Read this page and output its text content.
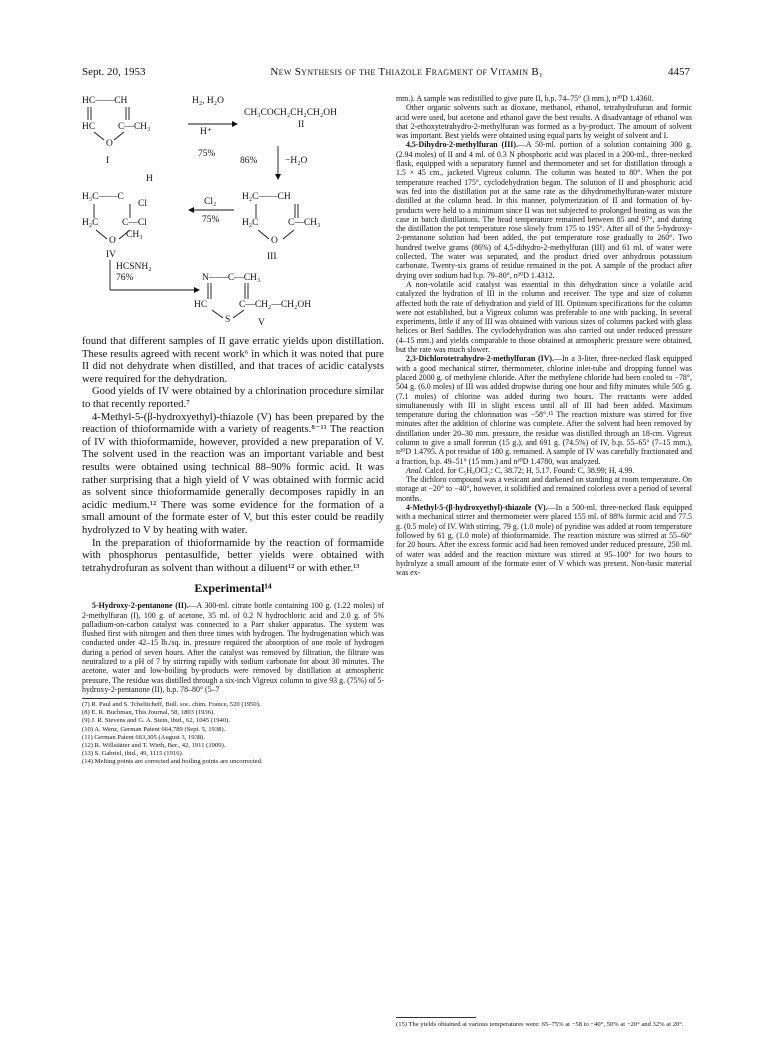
Sept. 20, 1953	New Synthesis of the Thiazole Fragment of Vitamin B₁	4457
HC——CH
HC C—CH₃
O
I
H₂, H₂O
H⁺
75%
CH₃COCH₂CH₂CH₂OH
II
86%	−H₂O
H
H₃C——C
Cl
H₂C C—Cl
O
CH₃
IV
Cl₂
75%
H₂C——CH
H₂C	C—CH₃
O
III
HCSNH₂
76%	N——C—CH₃
HC	C—CH₂—CH₂OH
S	V

found that different samples of II gave erratic yields upon distillation. These results agreed with recent work⁶ in which it was noted that pure II did not dehydrate when distilled, and that traces of acidic catalysts were required for the dehydration.

Good yields of IV were obtained by a chlorination procedure similar to that recently reported.⁷

4-Methyl-5-(β-hydroxyethyl)-thiazole (V) has been prepared by the reaction of thioformamide with a variety of reagents.⁸⁻¹¹ The reaction of IV with thioformamide, however, provided a new preparation of V. The solvent used in the reaction was an important variable and best results were obtained using technical 88–90% formic acid. It was rather surprising that a high yield of V was obtained with formic acid as solvent since thioformamide generally decomposes rapidly in an acidic medium.¹² There was some evidence for the formation of a small amount of the formate ester of V, but this ester could be readily hydrolyzed to V by heating with water.

In the preparation of thioformamide by the reaction of formamide with phosphorus pentasulfide, better yields were obtained with tetrahydrofuran as solvent than without a diluent¹² or with ether.¹³

Experimental¹⁴

5-Hydroxy-2-pentanone (II).—A 300-ml. citrate bottle containing 100 g. (1.22 moles) of 2-methylfuran (I), 100 g. of acetone, 35 ml. of 0.2 N hydrochloric acid and 2.0 g. of 5% palladium-on-carbon catalyst was connected to a Parr shaker apparatus. The system was flushed first with nitrogen and then three times with hydrogen. The hydrogenation which was conducted under 42–15 lb./sq. in. pressure required the absorption of one mole of hydrogen during a period of seven hours. After the catalyst was removed by filtration, the filtrate was neutralized to a pH of 7 by stirring rapidly with sodium carbonate for about 30 minutes. The acetone, water and low-boiling by-products were removed by distillation at atmospheric pressure. The residue was distilled through a six-inch Vigreux column to give 93 g. (75%) of 5-hydroxy-2-pentanone (II), b.p. 78–80° (5–7

(7) R. Paul and S. Tchelitcheff, Bull. soc. chim. France, 520 (1950).

(8) E. R. Buchman, This Journal, 58, 1803 (1936).

(9) J. R. Stevens and G. A. Stein, ibid., 62, 1045 (1940).

(10) A. Wenz, German Patent 664,789 (Sept. 5, 1938).

(11) German Patent 663,305 (August 3, 1938).

(12) R. Willstätter and T. Wirth, Ber., 42, 1911 (1909).

(13) S. Gabriel, ibid., 49, 1115 (1916).

(14) Melting points are corrected and boiling points are uncorrected.

mm.). A sample was redistilled to give pure II, b.p. 74–75° (3 mm.), n²⁰D 1.4360.

Other organic solvents such as dioxane, methanol, ethanol, tetrahydrofuran and formic acid were used, but acetone and ethanol gave the best results. A disadvantage of ethanol was that 2-ethoxytetrahydro-2-methylfuran was formed as a by-product. The amount of solvent was important. Best yields were obtained using equal parts by weight of solvent and I.

4,5-Dihydro-2-methylfuran (III).—A 50-ml. portion of a solution containing 300 g. (2.94 moles) of II and 4 ml. of 0.3 N phosphoric acid was placed in a 200-ml., three-necked flask, equipped with a separatory funnel and thermometer and set for distillation through a 1.5 × 45 cm., jacketed Vigreux column. The column was heated to 80°. When the pot temperature reached 175°, cyclodehydration began. The solution of II and phosphoric acid was fed into the distillation pot at the same rate as the dihydromethylfuran-water mixture distilled at the column head. In this manner, polymerization of II and formation of by-products were held to a minimum since II was not subjected to prolonged heating as was the case in batch distillations. The head temperature remained between 85 and 97°, and during the distillation the pot temperature rose slowly from 175 to 195°. After all of the 5-hydroxy-2-pentanone solution had been added, the pot temperature rose gradually to 260°. Two hundred twelve grams (86%) of 4,5-dihydro-2-methylfuran (III) and 61 ml. of water were collected. The water was separated, and the product dried over anhydrous potassium carbonate. Twenty-six grams of residue remained in the pot. A sample of the product after drying over sodium had b.p. 79–80°, n²⁰D 1.4312.

A non-volatile acid catalyst was essential in this dehydration since a volatile acid catalyzed the hydration of III in the column and receiver. The type and size of column affected both the rate of dehydration and yield of III. Optimum specifications for the column were not established, but a Vigreux column was preferable to one with packing. In several experiments, little if any of III was obtained with various sizes of columns packed with glass helices or Berl Saddles. The cyclodehydration was also carried out under reduced pressure (4–15 mm.) and yields comparable to those obtained at atmospheric pressure were obtained, but the rate was much slower.

2,3-Dichlorotetrahydro-2-methylfuran (IV).—In a 3-liter, three-necked flask equipped with a good mechanical stirrer, thermometer, chlorine inlet-tube and dropping funnel was placed 2000 g. of methylene chloride. After the methylene chloride had been cooled to −78°, 504 g. (6.0 moles) of III was added dropwise during one hour and fifty minutes while 505 g. (7.1 moles) of chlorine was added during two hours. The reactants were added simultaneously with III in slight excess until all of III had been added. Maximum temperature during the chlorination was −58°.¹⁵ The reaction mixture was stirred for five minutes after the addition of chlorine was complete. After the solvent had been removed by distillation under 20–30 mm. pressure, the residue was distilled through an 18-cm. Vigreux column to give a small forerun (15 g.), and 691 g. (74.5%) of IV, b.p. 55–65° (7–15 mm.), n²⁰D 1.4795. A pot residue of 180 g. remained. A sample of IV was carefully fractionated and a fraction, b.p. 49–51° (15 mm.) and n²⁰D 1.4780, was analyzed.

Anal. Calcd. for C₅H₈OCl₂: C, 38.72; H, 5.17. Found: C, 38.99; H, 4.99.

The dichloro compound was a vesicant and darkened on standing at room temperature. On storage at −20° to −40°, however, it solidified and remained colorless over a period of several months.

4-Methyl-5-(β-hydroxyethyl)-thiazole (V).—In a 500-ml. three-necked flask equipped with a mechanical stirrer and thermometer were placed 155 ml. of 88% formic acid and 77.5 g. (0.5 mole) of IV. With stirring, 79 g. (1.0 mole) of pyridine was added at room temperature followed by 61 g. (1.0 mole) of thioformamide. The reaction mixture was stirred at 55–60° for 20 hours. After the excess formic acid had been removed under reduced pressure, 250 ml. of water was added and the reaction mixture was stirred at 95–100° for two hours to hydrolyze a small amount of the formate ester of V which was present. Non-basic material was ex-

(15) The yields obtained at various temperatures were: 65–75% at −58 to −40°, 50% at −20° and 32% at 20°.
